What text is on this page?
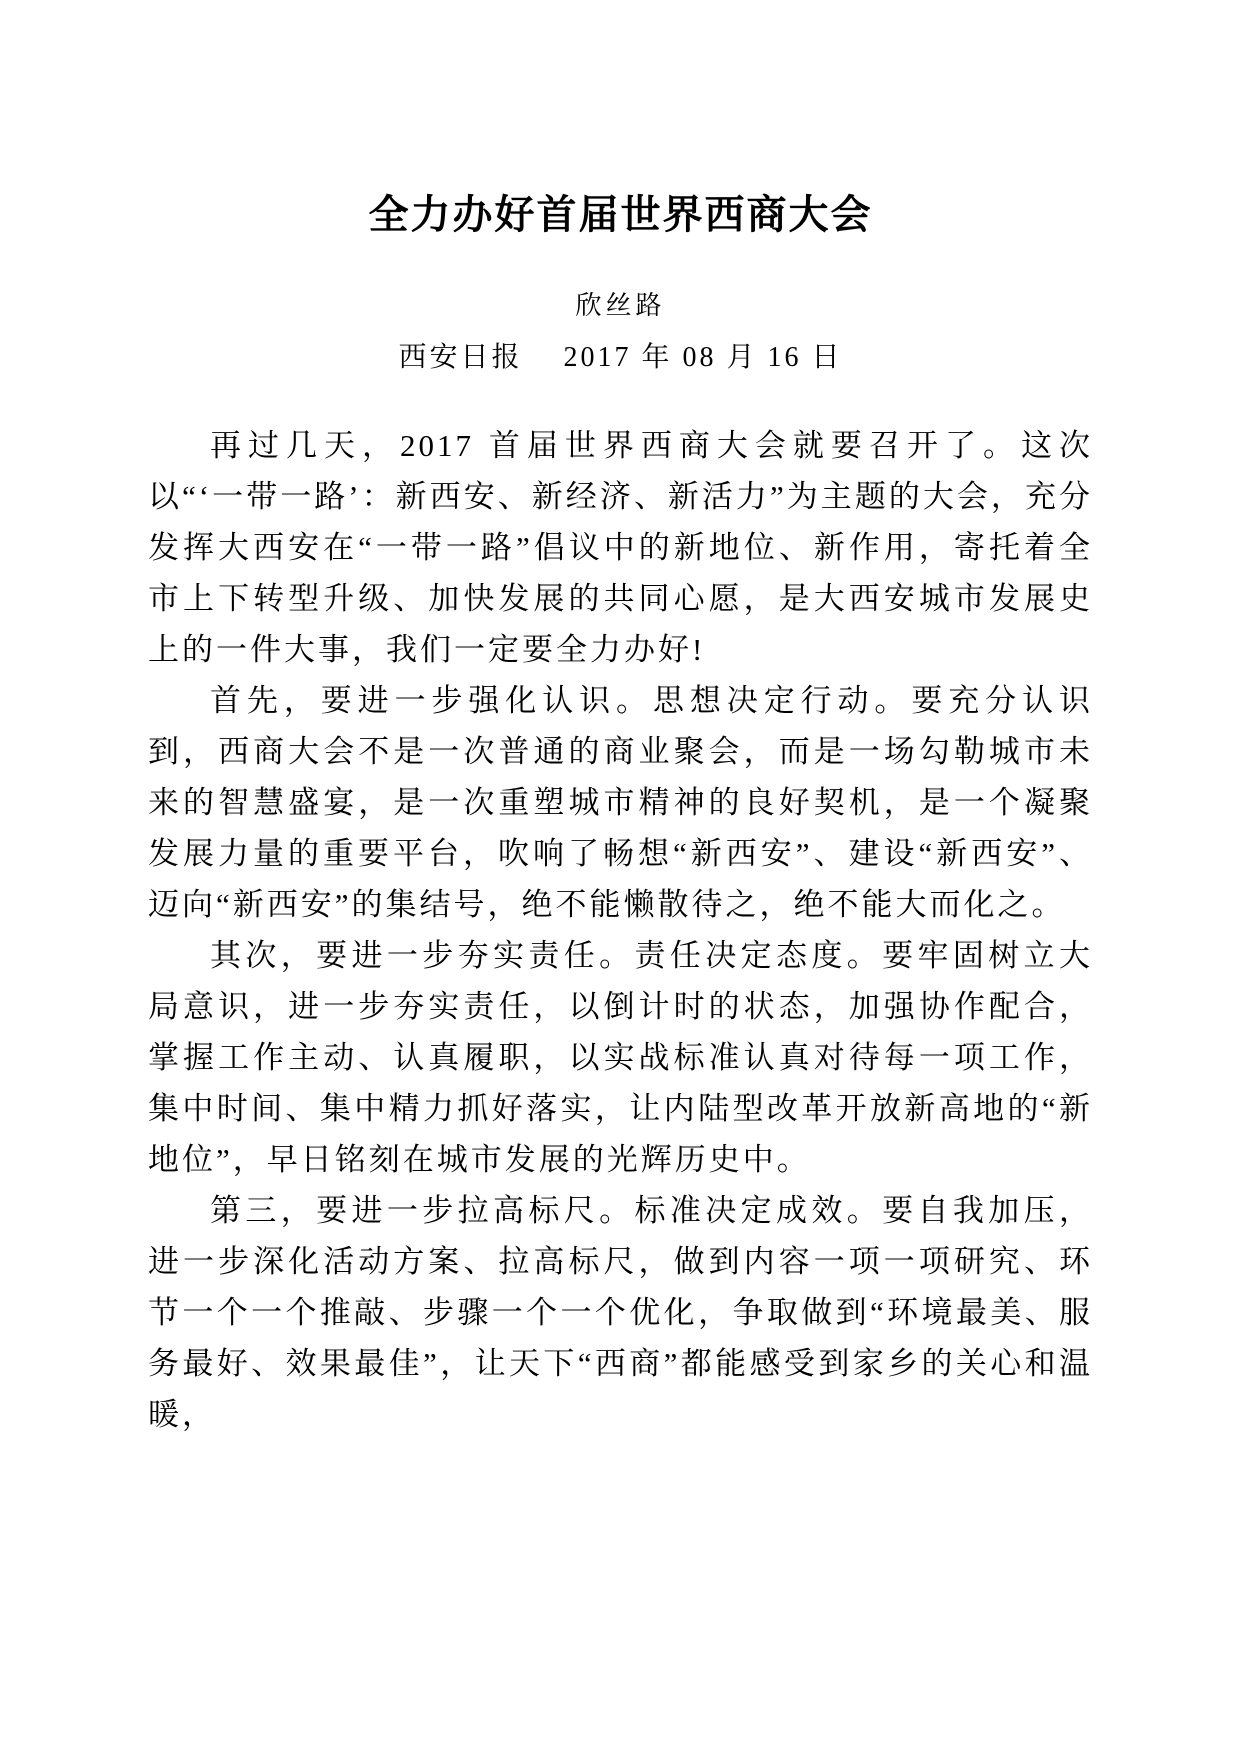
全力办好首届世界西商大会
欣丝路
西安日报　 2017 年 08 月 16 日

再过几天，2017 首届世界西商大会就要召开了。这次以“‘一带一路’：新西安、新经济、新活力”为主题的大会，充分发挥大西安在“一带一路”倡议中的新地位、新作用，寄托着全市上下转型升级、加快发展的共同心愿，是大西安城市发展史上的一件大事，我们一定要全力办好!

首先，要进一步强化认识。思想决定行动。要充分认识到，西商大会不是一次普通的商业聚会，而是一场勾勒城市未来的智慧盛宴，是一次重塑城市精神的良好契机，是一个凝聚发展力量的重要平台，吹响了畅想“新西安”、建设“新西安”、迈向“新西安”的集结号，绝不能懒散待之，绝不能大而化之。

其次，要进一步夯实责任。责任决定态度。要牢固树立大局意识，进一步夯实责任，以倒计时的状态，加强协作配合，掌握工作主动、认真履职，以实战标准认真对待每一项工作，集中时间、集中精力抓好落实，让内陆型改革开放新高地的“新地位”，早日铭刻在城市发展的光辉历史中。

第三，要进一步拉高标尺。标准决定成效。要自我加压，进一步深化活动方案、拉高标尺，做到内容一项一项研究、环节一个一个推敲、步骤一个一个优化，争取做到“环境最美、服务最好、效果最佳”，让天下“西商”都能感受到家乡的关心和温暖，
